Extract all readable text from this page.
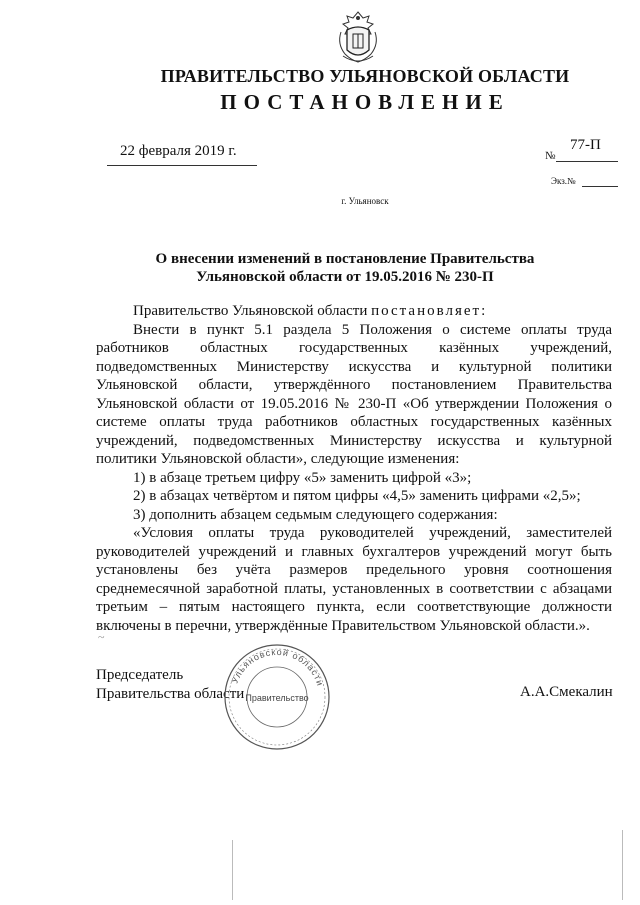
ПРАВИТЕЛЬСТВО УЛЬЯНОВСКОЙ ОБЛАСТИ
ПОСТАНОВЛЕНИЕ
22 февраля 2019 г.	№
77-П
Экз.№
г. Ульяновск
О внесении изменений в постановление Правительства
Ульяновской области от 19.05.2016 № 230-П

Правительство Ульяновской области постановляет:

Внести в пункт 5.1 раздела 5 Положения о системе оплаты труда работников областных государственных казённых учреждений, подведомственных Министерству искусства и культурной политики Ульяновской области, утверждённого постановлением Правительства Ульяновской области от 19.05.2016 № 230-П «Об утверждении Положения о системе оплаты труда работников областных государственных казённых учреждений, подведомственных Министерству искусства и культурной политики Ульяновской области», следующие изменения:

1) в абзаце третьем цифру «5» заменить цифрой «3»;

2) в абзацах четвёртом и пятом цифры «4,5» заменить цифрами «2,5»;

3) дополнить абзацем седьмым следующего содержания:

«Условия оплаты труда руководителей учреждений, заместителей руководителей учреждений и главных бухгалтеров учреждений могут быть установлены без учёта размеров предельного уровня соотношения среднемесячной заработной платы, установленных в соответствии с абзацами третьим – пятым настоящего пункта, если соответствующие должности включены в перечни, утверждённые Правительством Ульяновской области.».

Председатель
Правительства области	А.А.Смекалин
Ульяновской области
Правительство
~
